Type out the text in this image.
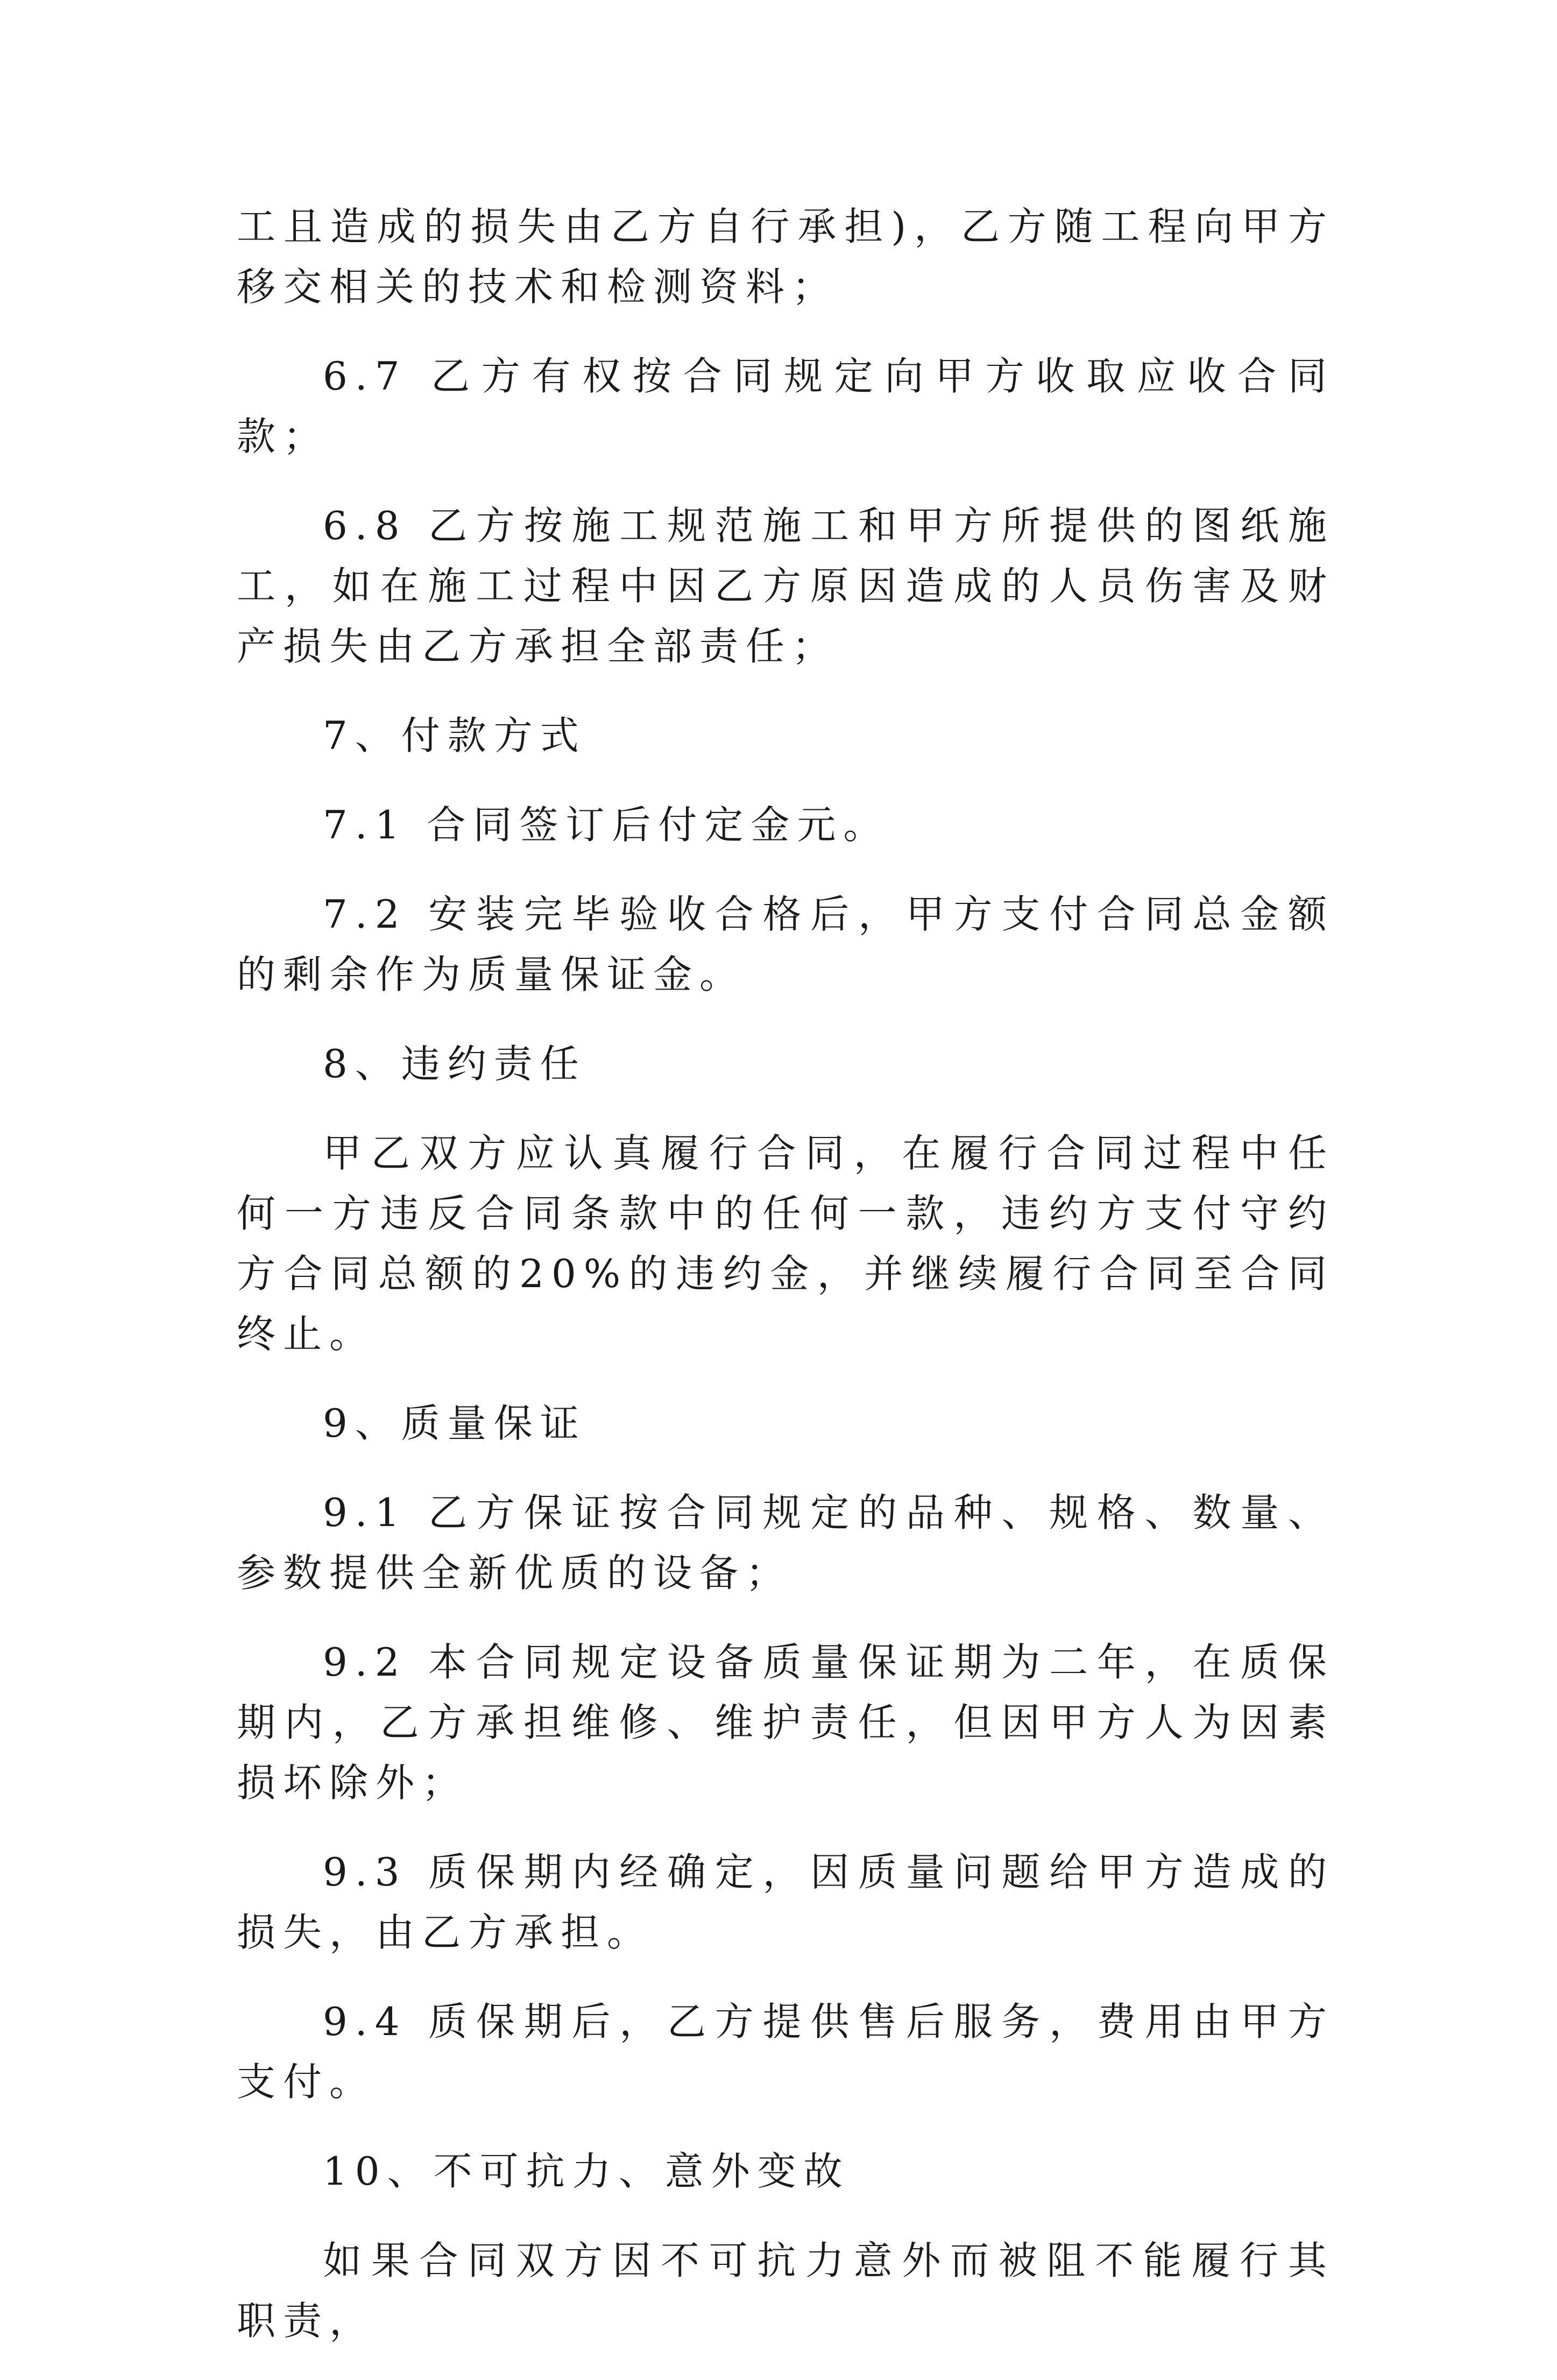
工且造成的损失由乙方自行承担)，乙方随工程向甲方移交相关的技术和检测资料；

6.7 乙方有权按合同规定向甲方收取应收合同款；

6.8 乙方按施工规范施工和甲方所提供的图纸施工，如在施工过程中因乙方原因造成的人员伤害及财产损失由乙方承担全部责任；

7、付款方式

7.1 合同签订后付定金元。

7.2 安装完毕验收合格后，甲方支付合同总金额的剩余作为质量保证金。

8、违约责任

甲乙双方应认真履行合同，在履行合同过程中任何一方违反合同条款中的任何一款，违约方支付守约方合同总额的20%的违约金，并继续履行合同至合同终止。

9、质量保证

9.1 乙方保证按合同规定的品种、规格、数量、参数提供全新优质的设备；

9.2 本合同规定设备质量保证期为二年，在质保期内，乙方承担维修、维护责任，但因甲方人为因素损坏除外；

9.3 质保期内经确定，因质量问题给甲方造成的损失，由乙方承担。

9.4 质保期后，乙方提供售后服务，费用由甲方支付。

10、不可抗力、意外变故

如果合同双方因不可抗力意外而被阻不能履行其职责，
